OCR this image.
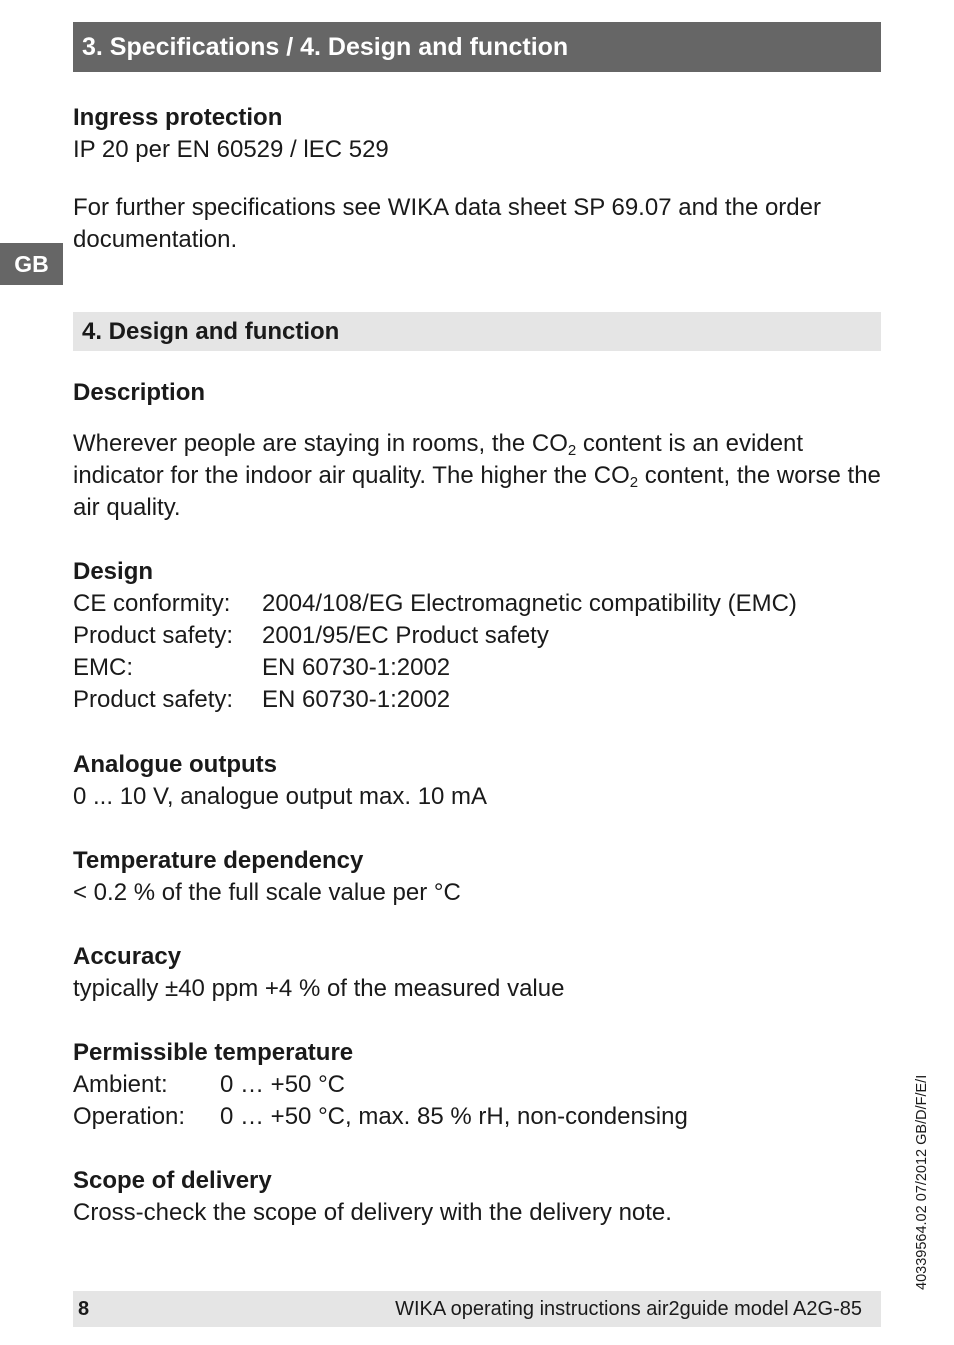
3. Specifications / 4. Design and function
GB
Ingress protection
IP 20 per EN 60529 / lEC 529
For further specifications see WIKA data sheet SP 69.07 and the order documentation.
4. Design and function
Description
Wherever people are staying in rooms, the $CO_2$ content is an evident indicator for the indoor air quality. The higher the $CO_2$ content, the worse the air quality.
Design
CE conformity:	2004/108/EG Electromagnetic compatibility (EMC)
Product safety:	2001/95/EC Product safety
EMC:	EN 60730-1:2002
Product safety:	EN 60730-1:2002
Analogue outputs
0 ... 10 V, analogue output max. 10 mA
Temperature dependency
< 0.2 % of the full scale value per °C
Accuracy
typically ±40 ppm +4 % of the measured value
Permissible temperature
Ambient:	0 … +50 °C
Operation:	0 … +50 °C, max. 85 % rH, non-condensing
Scope of delivery
Cross-check the scope of delivery with the delivery note.	40339564.02 07/2012 GB/D/F/E/I
8	WIKA operating instructions air2guide model A2G-85
